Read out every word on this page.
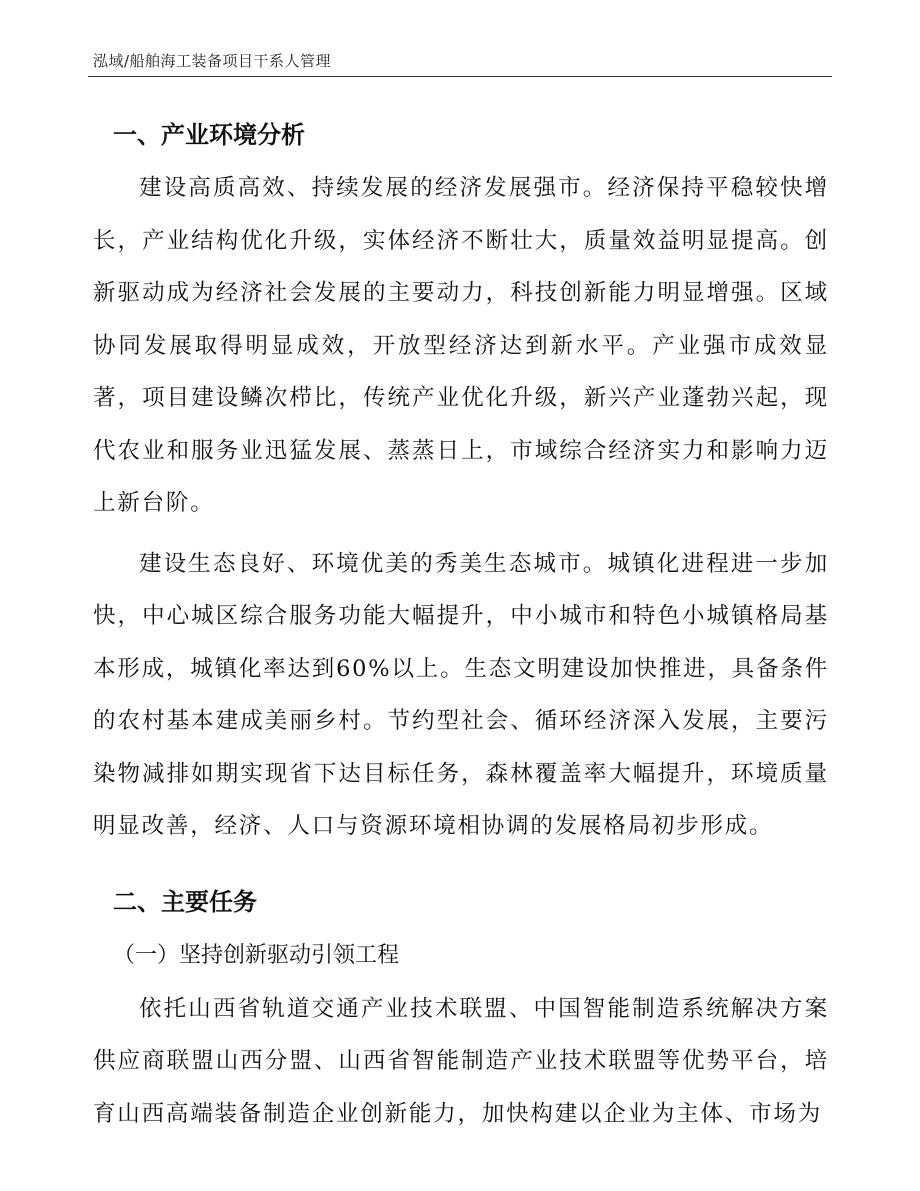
泓域/船舶海工装备项目干系人管理
一、产业环境分析

建设高质高效、持续发展的经济发展强市。经济保持平稳较快增长，产业结构优化升级，实体经济不断壮大，质量效益明显提高。创新驱动成为经济社会发展的主要动力，科技创新能力明显增强。区域协同发展取得明显成效，开放型经济达到新水平。产业强市成效显著，项目建设鳞次栉比，传统产业优化升级，新兴产业蓬勃兴起，现代农业和服务业迅猛发展、蒸蒸日上，市域综合经济实力和影响力迈上新台阶。

建设生态良好、环境优美的秀美生态城市。城镇化进程进一步加快，中心城区综合服务功能大幅提升，中小城市和特色小城镇格局基本形成，城镇化率达到60%以上。生态文明建设加快推进，具备条件的农村基本建成美丽乡村。节约型社会、循环经济深入发展，主要污染物减排如期实现省下达目标任务，森林覆盖率大幅提升，环境质量明显改善，经济、人口与资源环境相协调的发展格局初步形成。

二、主要任务
（一）坚持创新驱动引领工程

依托山西省轨道交通产业技术联盟、中国智能制造系统解决方案供应商联盟山西分盟、山西省智能制造产业技术联盟等优势平台，培育山西高端装备制造企业创新能力，加快构建以企业为主体、市场为
